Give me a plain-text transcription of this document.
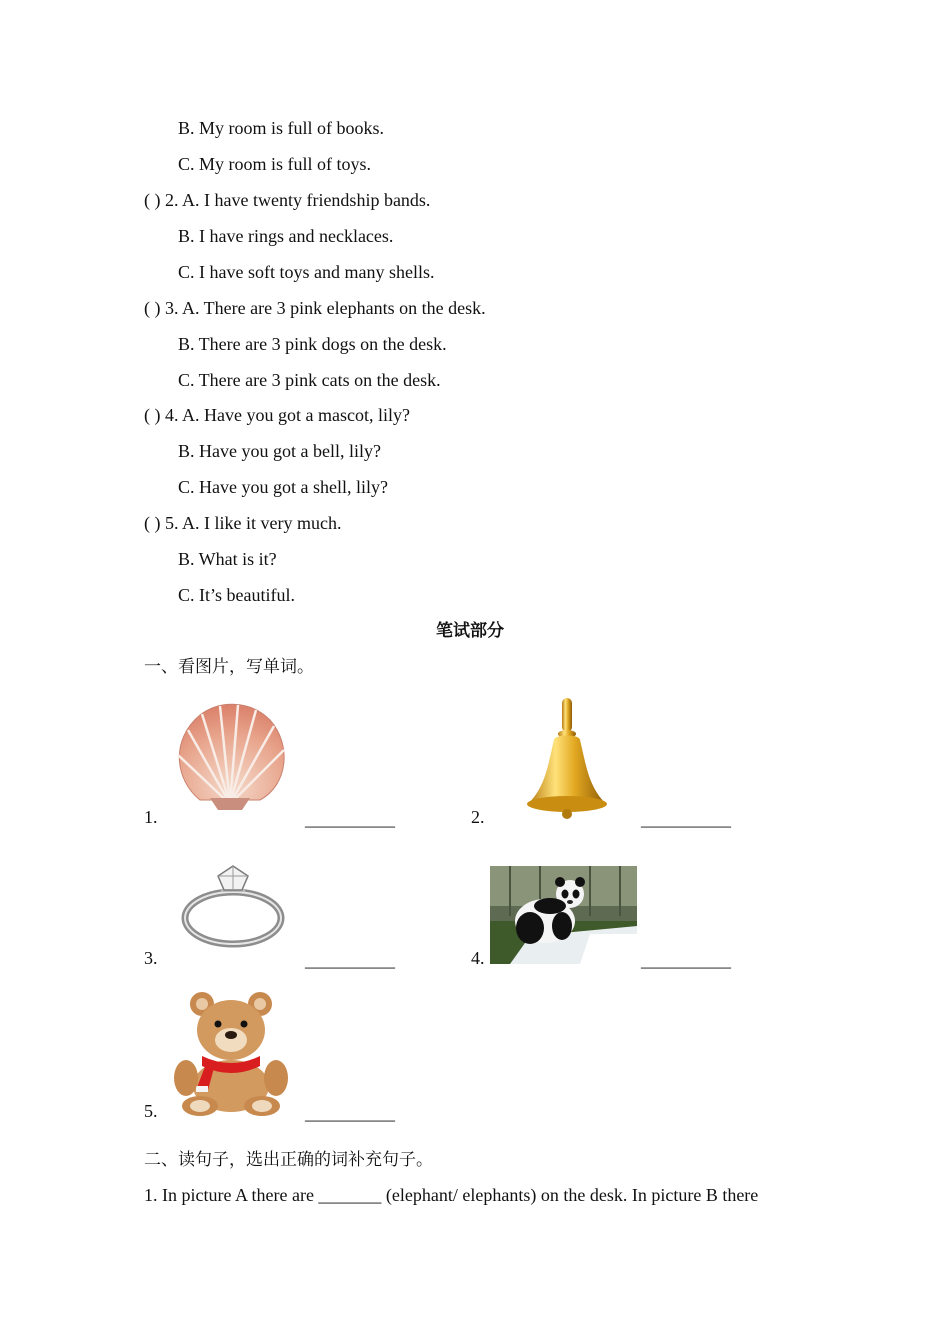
B. My room is full of books.
C. My room is full of toys.
( ) 2. A. I have twenty friendship bands.
B. I have rings and necklaces.
C. I have soft toys and many shells.
( ) 3. A. There are 3 pink elephants on the desk.
B. There are 3 pink dogs on the desk.
C. There are 3 pink cats on the desk.
( ) 4. A. Have you got a mascot, lily?
B. Have you got a bell, lily?
C. Have you got a shell, lily?
( ) 5. A. I like it very much.
B. What is it?
C. It’s beautiful.
笔试部分
一、看图片，写单词。
1.	__________	2.	__________
3.	__________	4.	__________
5.	__________
二、读句子，选出正确的词补充句子。
1. In picture A there are _______ (elephant/ elephants) on the desk. In picture B there
